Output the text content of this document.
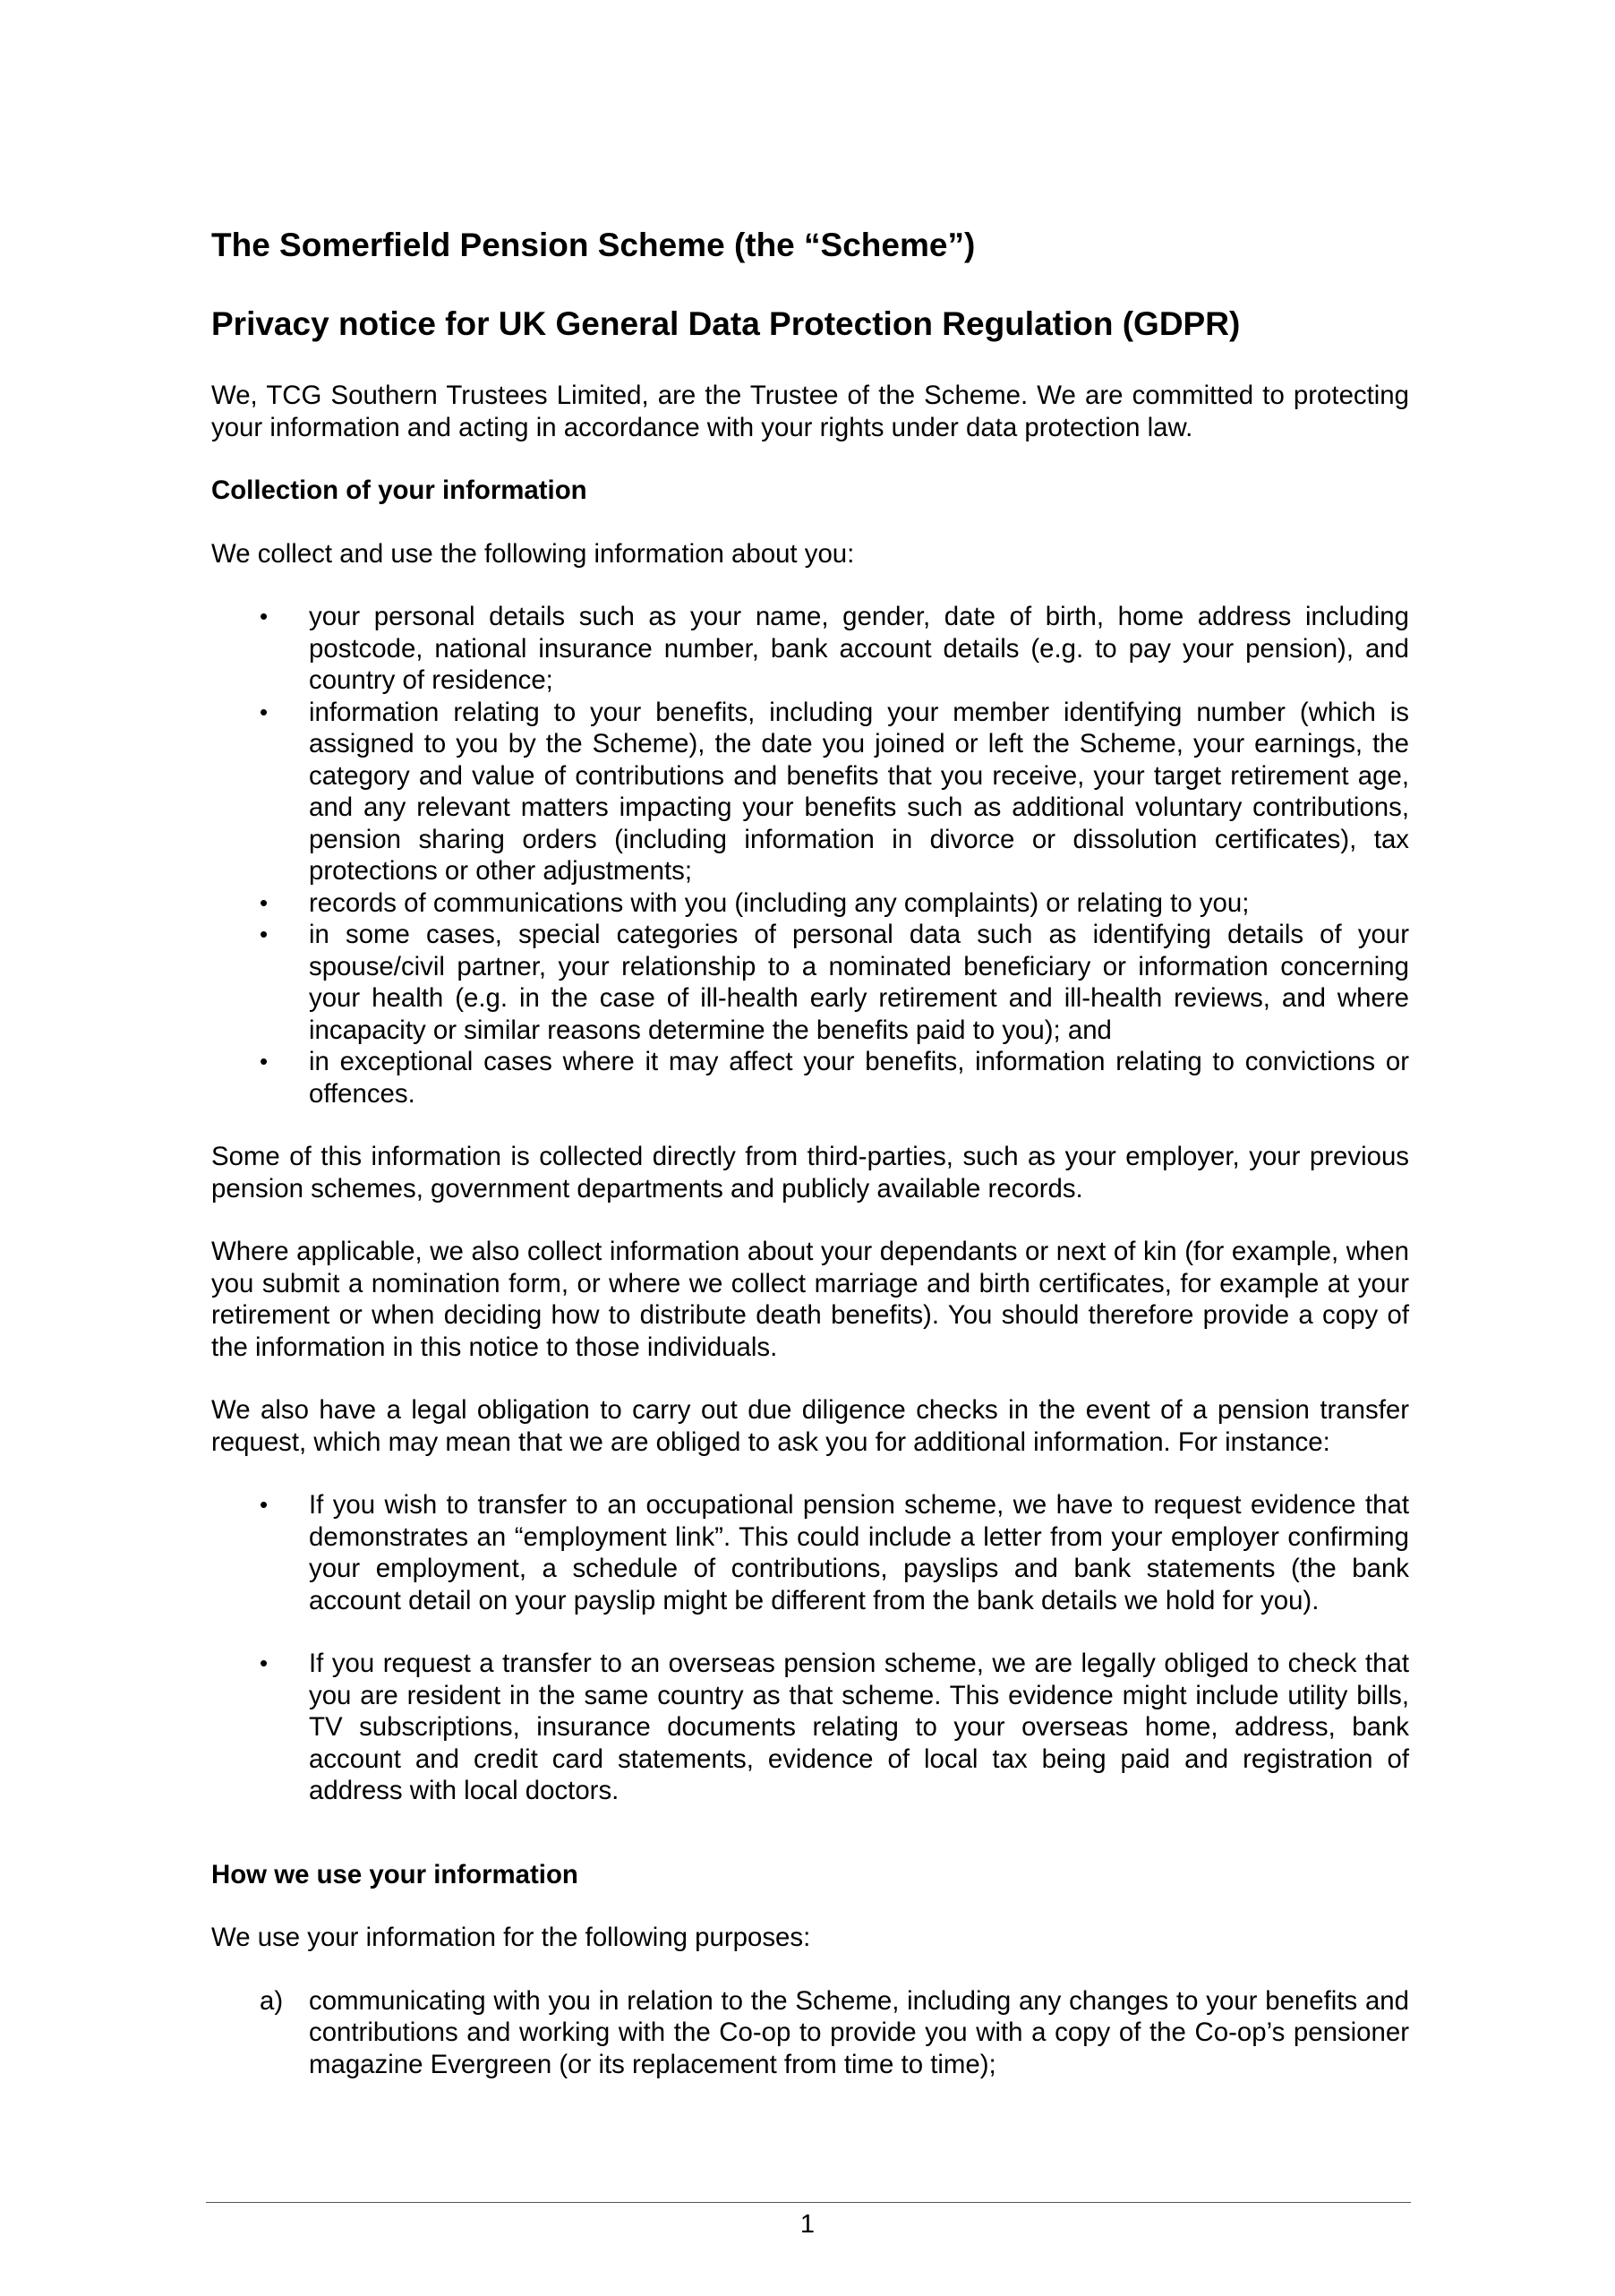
The Somerfield Pension Scheme (the “Scheme”)
Privacy notice for UK General Data Protection Regulation (GDPR)

We, TCG Southern Trustees Limited, are the Trustee of the Scheme. We are committed to protecting your information and acting in accordance with your rights under data protection law.

Collection of your information

We collect and use the following information about you:

•	your personal details such as your name, gender, date of birth, home address including postcode, national insurance number, bank account details (e.g. to pay your pension), and country of residence;
•	information relating to your benefits, including your member identifying number (which is assigned to you by the Scheme), the date you joined or left the Scheme, your earnings, the category and value of contributions and benefits that you receive, your target retirement age, and any relevant matters impacting your benefits such as additional voluntary contributions, pension sharing orders (including information in divorce or dissolution certificates), tax protections or other adjustments;
•	records of communications with you (including any complaints) or relating to you;
•	in some cases, special categories of personal data such as identifying details of your spouse/civil partner, your relationship to a nominated beneficiary or information concerning your health (e.g. in the case of ill-health early retirement and ill-health reviews, and where incapacity or similar reasons determine the benefits paid to you); and
•	in exceptional cases where it may affect your benefits, information relating to convictions or offences.

Some of this information is collected directly from third-parties, such as your employer, your previous pension schemes, government departments and publicly available records.

Where applicable, we also collect information about your dependants or next of kin (for example, when you submit a nomination form, or where we collect marriage and birth certificates, for example at your retirement or when deciding how to distribute death benefits). You should therefore provide a copy of the information in this notice to those individuals.

We also have a legal obligation to carry out due diligence checks in the event of a pension transfer request, which may mean that we are obliged to ask you for additional information. For instance:

•	If you wish to transfer to an occupational pension scheme, we have to request evidence that demonstrates an “employment link”. This could include a letter from your employer confirming your employment, a schedule of contributions, payslips and bank statements (the bank account detail on your payslip might be different from the bank details we hold for you).
•	If you request a transfer to an overseas pension scheme, we are legally obliged to check that you are resident in the same country as that scheme. This evidence might include utility bills, TV subscriptions, insurance documents relating to your overseas home, address, bank account and credit card statements, evidence of local tax being paid and registration of address with local doctors.
How we use your information

We use your information for the following purposes:

a) communicating with you in relation to the Scheme, including any changes to your benefits and contributions and working with the Co-op to provide you with a copy of the Co-op’s pensioner magazine Evergreen (or its replacement from time to time);
1
